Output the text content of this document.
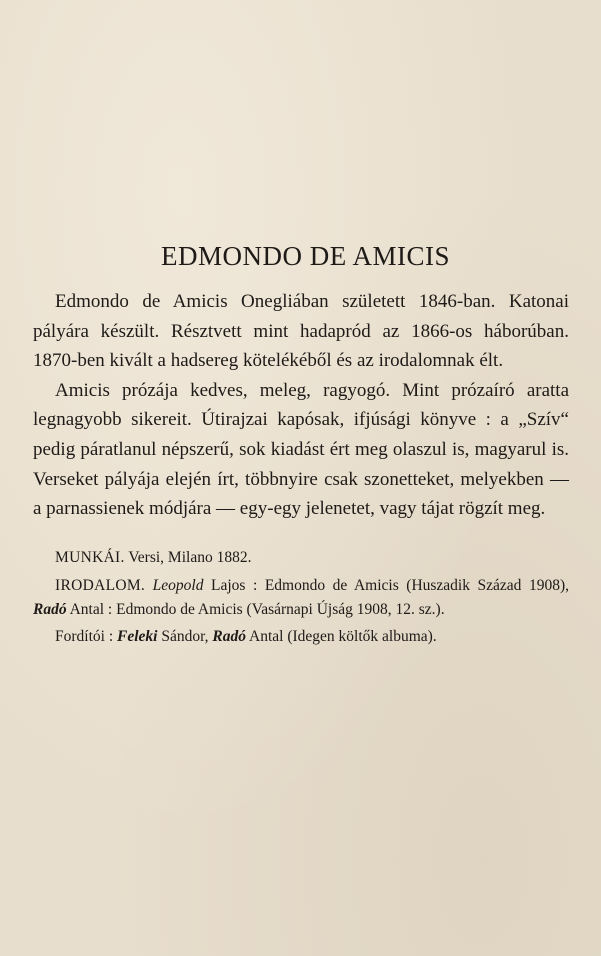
EDMONDO DE AMICIS

Edmondo de Amicis Onegliában született 1846-ban. Katonai pályára készült. Résztvett mint hadapród az 1866-os háborúban. 1870-ben kivált a hadsereg kötelékéből és az irodalomnak élt.

Amicis prózája kedves, meleg, ragyogó. Mint prózaíró aratta legnagyobb sikereit. Útirajzai kapósak, ifjúsági könyve : a „Szív“ pedig páratlanul népszerű, sok kiadást ért meg olaszul is, magyarul is. Verseket pályája elején írt, többnyire csak szonetteket, melyekben — a parnassienek módjára — egy-egy jelenetet, vagy tájat rögzít meg.

MUNKÁI. Versi, Milano 1882.

IRODALOM. Leopold Lajos : Edmondo de Amicis (Huszadik Század 1908), Radó Antal : Edmondo de Amicis (Vasárnapi Újság 1908, 12. sz.).

Fordítói : Feleki Sándor, Radó Antal (Idegen költők albuma).
